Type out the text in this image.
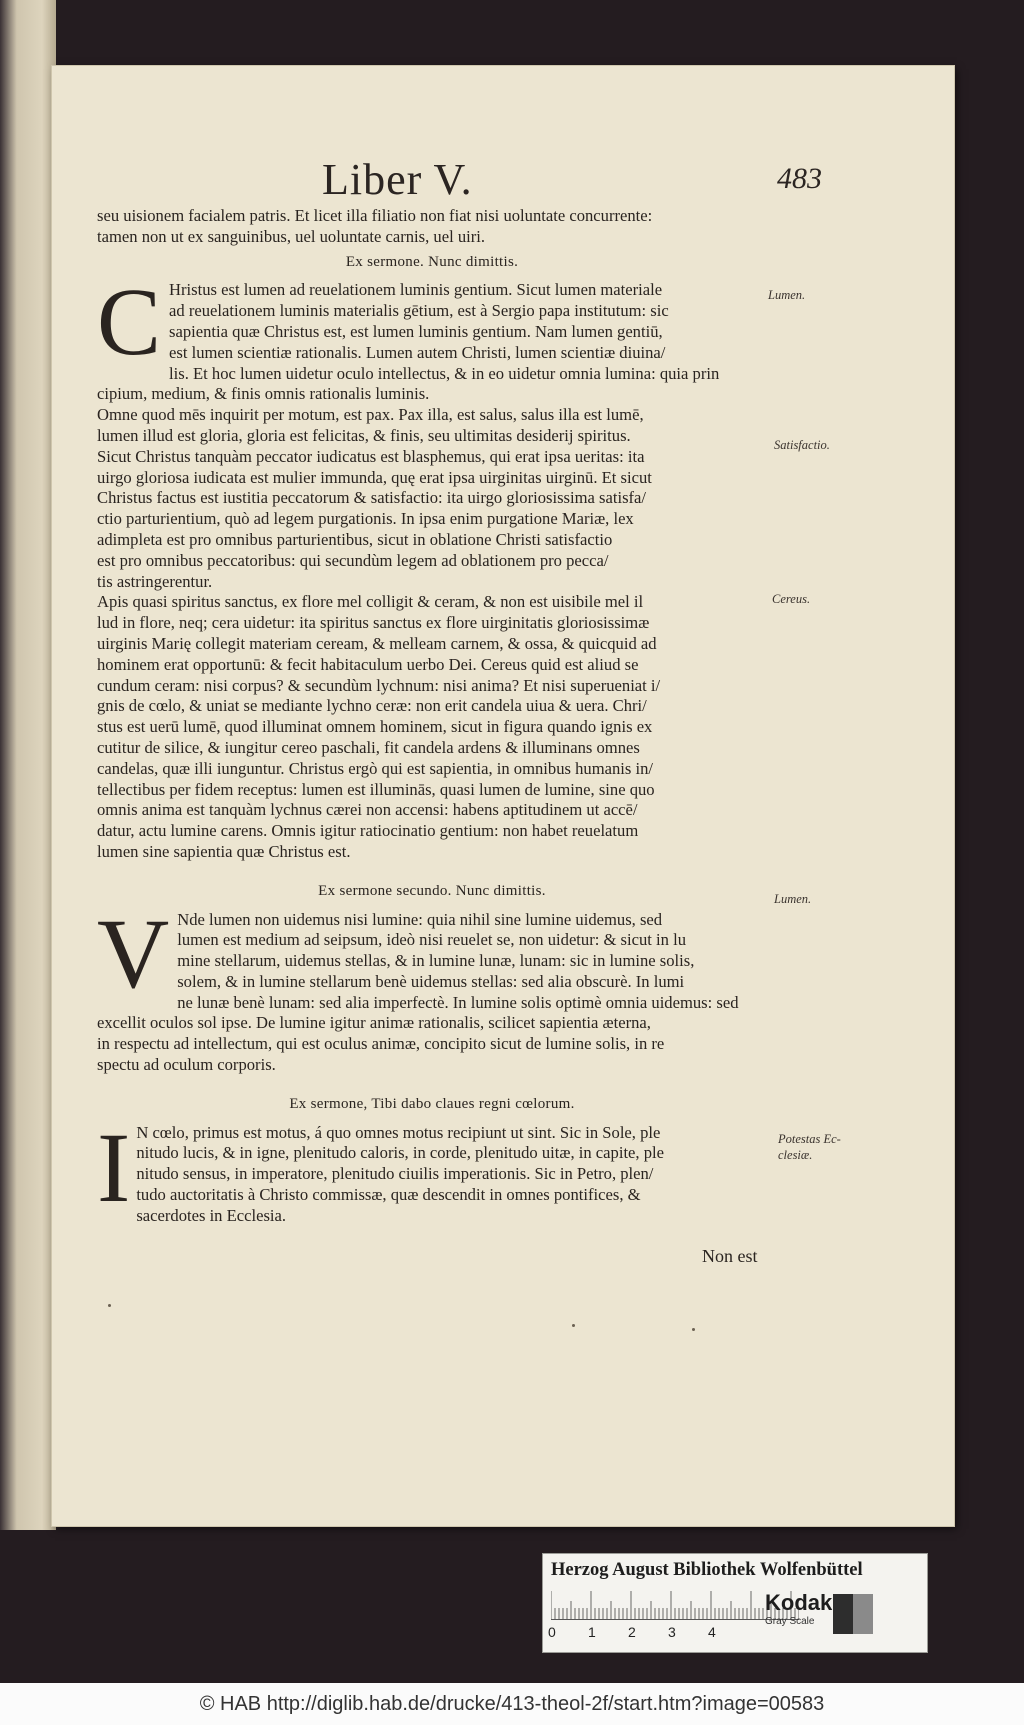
Liber V.	483
seu uisionem facialem patris. Et licet illa filiatio non fiat nisi uoluntate concurrente:
tamen non ut ex sanguinibus, uel uoluntate carnis, uel uiri.
Ex sermone. Nunc dimittis.
C Hristus est lumen ad reuelationem luminis gentium. Sicut lumen materiale
ad reuelationem luminis materialis gētium, est à Sergio papa institutum: sic
sapientia quæ Christus est, est lumen luminis gentium. Nam lumen gentiū,
est lumen scientiæ rationalis. Lumen autem Christi, lumen scientiæ diuina/
lis. Et hoc lumen uidetur oculo intellectus, & in eo uidetur omnia lumina: quia prin
cipium, medium, & finis omnis rationalis luminis.
Omne quod mēs inquirit per motum, est pax. Pax illa, est salus, salus illa est lumē,
lumen illud est gloria, gloria est felicitas, & finis, seu ultimitas desiderij spiritus.
Sicut Christus tanquàm peccator iudicatus est blasphemus, qui erat ipsa ueritas: ita
uirgo gloriosa iudicata est mulier immunda, quę erat ipsa uirginitas uirginū. Et sicut
Christus factus est iustitia peccatorum & satisfactio: ita uirgo gloriosissima satisfa/
ctio parturientium, quò ad legem purgationis. In ipsa enim purgatione Mariæ, lex
adimpleta est pro omnibus parturientibus, sicut in oblatione Christi satisfactio
est pro omnibus peccatoribus: qui secundùm legem ad oblationem pro pecca/
tis astringerentur.
Apis quasi spiritus sanctus, ex flore mel colligit & ceram, & non est uisibile mel il
lud in flore, neq; cera uidetur: ita spiritus sanctus ex flore uirginitatis gloriosissimæ
uirginis Marię collegit materiam ceream, & melleam carnem, & ossa, & quicquid ad
hominem erat opportunū: & fecit habitaculum uerbo Dei. Cereus quid est aliud se
cundum ceram: nisi corpus? & secundùm lychnum: nisi anima? Et nisi superueniat i/
gnis de cœlo, & uniat se mediante lychno ceræ: non erit candela uiua & uera. Chri/
stus est uerū lumē, quod illuminat omnem hominem, sicut in figura quando ignis ex
cutitur de silice, & iungitur cereo paschali, fit candela ardens & illuminans omnes
candelas, quæ illi iunguntur. Christus ergò qui est sapientia, in omnibus humanis in/
tellectibus per fidem receptus: lumen est illuminās, quasi lumen de lumine, sine quo
omnis anima est tanquàm lychnus cærei non accensi: habens aptitudinem ut accē/
datur, actu lumine carens. Omnis igitur ratiocinatio gentium: non habet reuelatum
lumen sine sapientia quæ Christus est.
Ex sermone secundo. Nunc dimittis.
V Nde lumen non uidemus nisi lumine: quia nihil sine lumine uidemus, sed
lumen est medium ad seipsum, ideò nisi reuelet se, non uidetur: & sicut in lu
mine stellarum, uidemus stellas, & in lumine lunæ, lunam: sic in lumine solis,
solem, & in lumine stellarum benè uidemus stellas: sed alia obscurè. In lumi
ne lunæ benè lunam: sed alia imperfectè. In lumine solis optimè omnia uidemus: sed
excellit oculos sol ipse. De lumine igitur animæ rationalis, scilicet sapientia æterna,
in respectu ad intellectum, qui est oculus animæ, concipito sicut de lumine solis, in re
spectu ad oculum corporis.
Ex sermone, Tibi dabo claues regni cœlorum.
I N cœlo, primus est motus, á quo omnes motus recipiunt ut sint. Sic in Sole, ple
nitudo lucis, & in igne, plenitudo caloris, in corde, plenitudo uitæ, in capite, ple
nitudo sensus, in imperatore, plenitudo ciuilis imperationis. Sic in Petro, plen/
tudo auctoritatis à Christo commissæ, quæ descendit in omnes pontifices, &
sacerdotes in Ecclesia.
Lumen.
Satisfactio.
Cereus.
Lumen.
Potestas Ec-
clesiæ.
Non est
Herzog August Bibliothek Wolfenbüttel
0 1 2 3 4
Kodak
Gray Scale
© HAB http://diglib.hab.de/drucke/413-theol-2f/start.htm?image=00583
